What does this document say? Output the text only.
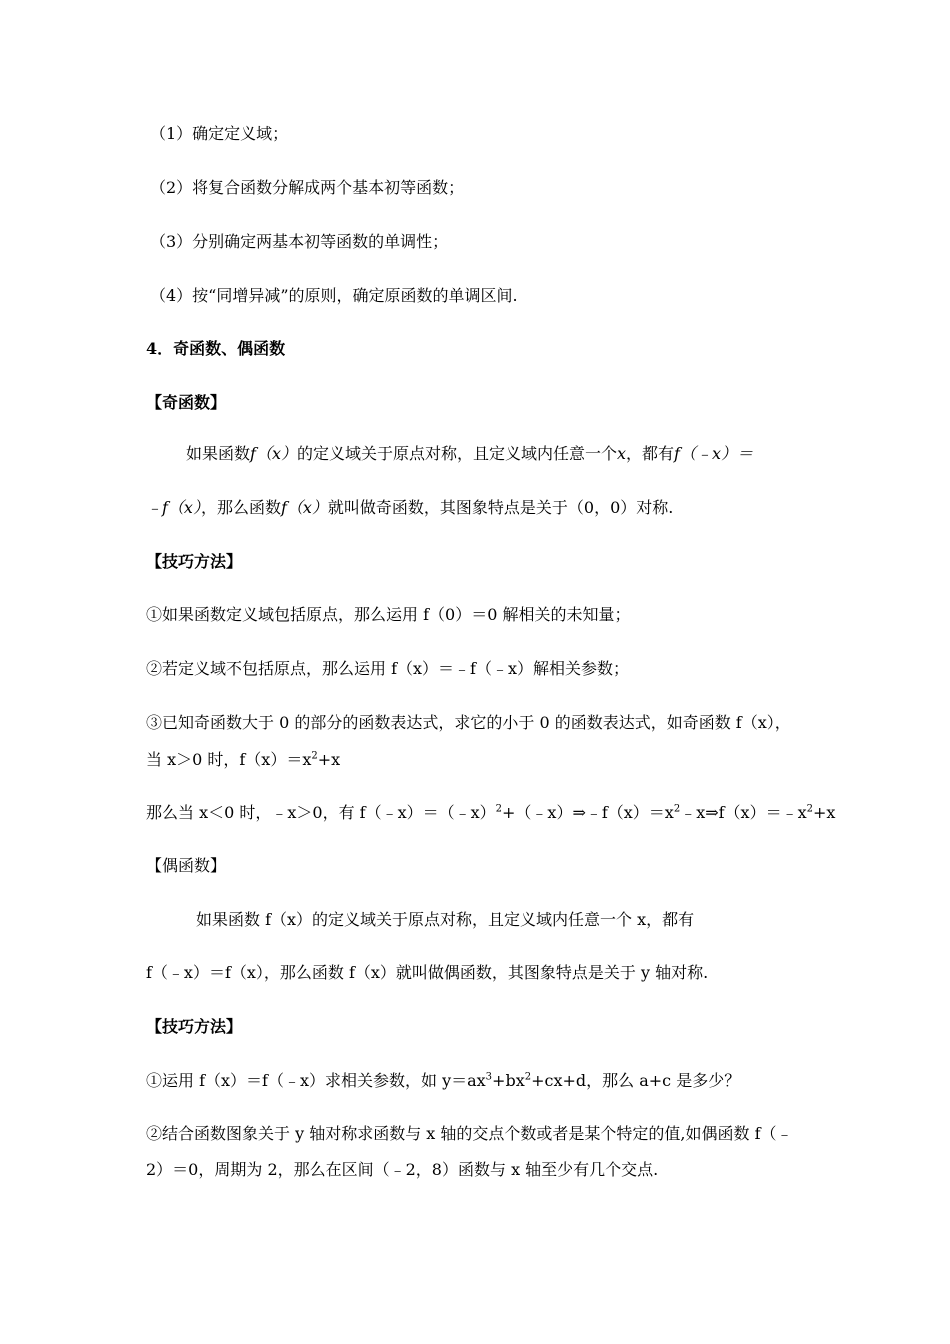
（1）确定定义域；
（2）将复合函数分解成两个基本初等函数；
（3）分别确定两基本初等函数的单调性；
（4）按“同增异减”的原则，确定原函数的单调区间.
4．奇函数、偶函数
【奇函数】
如果函数f（x）的定义域关于原点对称，且定义域内任意一个x，都有f（﹣x）＝
﹣f（x），那么函数f（x）就叫做奇函数，其图象特点是关于（0，0）对称.
【技巧方法】
①如果函数定义域包括原点，那么运用 f（0）＝0 解相关的未知量；
②若定义域不包括原点，那么运用 f（x）＝﹣f（﹣x）解相关参数；
③已知奇函数大于 0 的部分的函数表达式，求它的小于 0 的函数表达式，如奇函数 f（x），
当 x＞0 时，$f(x)=x^2+x$
那么当 x＜0 时，﹣x＞0，有 $f(﹣x)=(﹣x)^2+(﹣x)\Rightarrow﹣f(x)=x^2﹣x\Rightarrow f(x)=﹣x^2+x$
【偶函数】
如果函数 f（x）的定义域关于原点对称，且定义域内任意一个 x，都有
f（﹣x）＝f（x），那么函数 f（x）就叫做偶函数，其图象特点是关于 y 轴对称.
【技巧方法】
①运用 f（x）＝f（﹣x）求相关参数，如 $y=ax^3+bx^2+cx+d$，那么 a+c 是多少？
②结合函数图象关于 y 轴对称求函数与 x 轴的交点个数或者是某个特定的值,如偶函数 f（﹣
2）＝0，周期为 2，那么在区间（﹣2，8）函数与 x 轴至少有几个交点.
